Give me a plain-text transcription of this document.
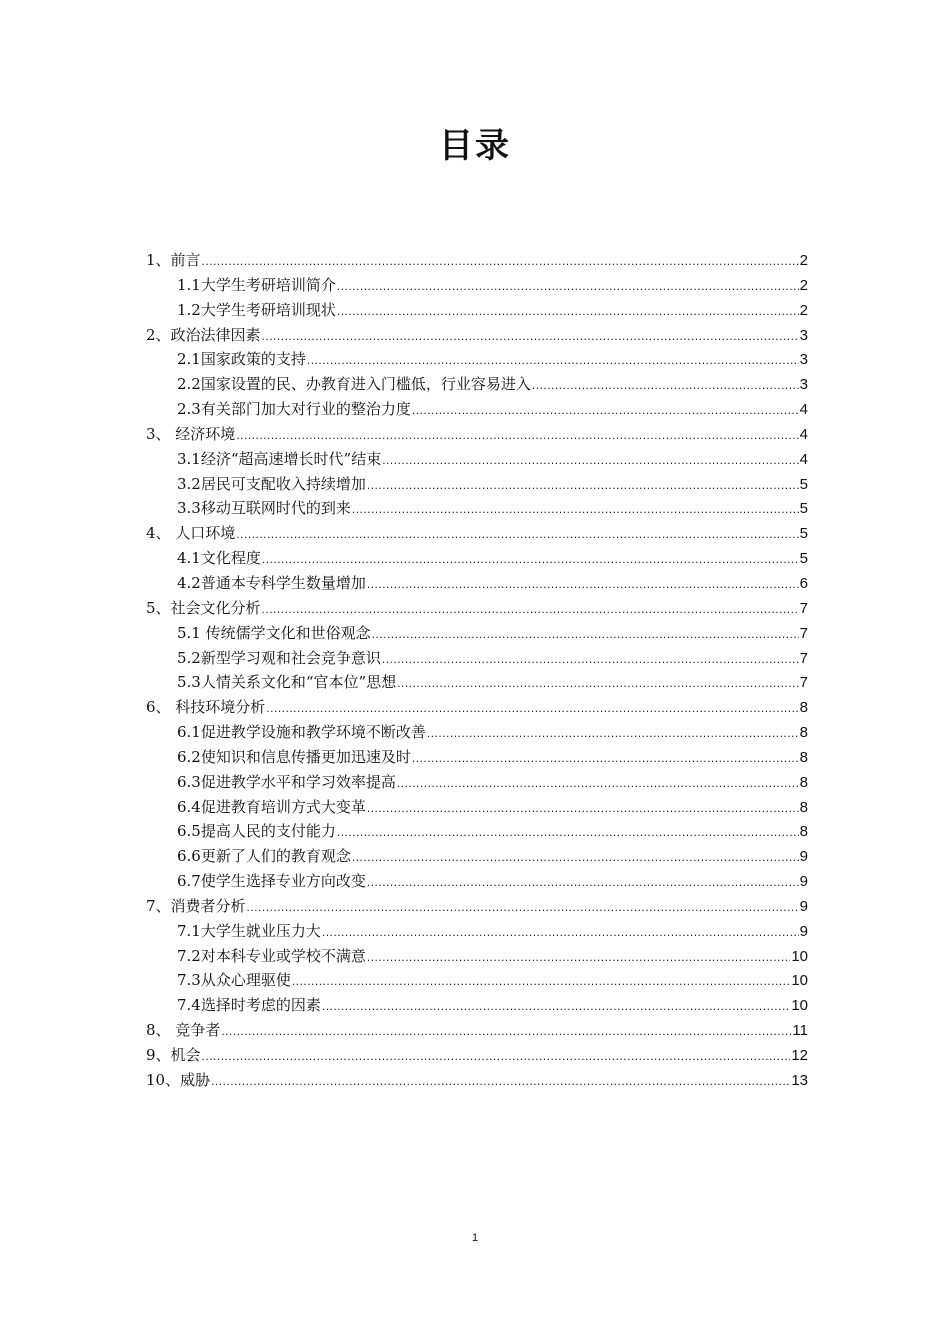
目录
1、前言 .....	2
1.1大学生考研培训简介 .....	2
1.2大学生考研培训现状 .....	2
2、政治法律因素 .....	3
2.1国家政策的支持 .....	3
2.2国家设置的民、办教育进入门槛低，行业容易进入 .....	3
2.3有关部门加大对行业的整治力度 .....	4
3、 经济环境 .....	4
3.1经济“超高速增长时代”结束 .....	4
3.2居民可支配收入持续增加 .....	5
3.3移动互联网时代的到来 .....	5
4、 人口环境 .....	5
4.1文化程度 .....	5
4.2普通本专科学生数量增加 .....	6
5、社会文化分析 .....	7
5.1 传统儒学文化和世俗观念 .....	7
5.2新型学习观和社会竞争意识 .....	7
5.3人情关系文化和“官本位”思想 .....	7
6、 科技环境分析 .....	8
6.1促进教学设施和教学环境不断改善 .....	8
6.2使知识和信息传播更加迅速及时 .....	8
6.3促进教学水平和学习效率提高 .....	8
6.4促进教育培训方式大变革 .....	8
6.5提高人民的支付能力 .....	8
6.6更新了人们的教育观念 .....	9
6.7使学生选择专业方向改变 .....	9
7、消费者分析 .....	9
7.1大学生就业压力大 .....	9
7.2对本科专业或学校不满意 .....	10
7.3从众心理驱使 .....	10
7.4选择时考虑的因素 .....	10
8、 竞争者 .....	11
9、机会 .....	12
10、威胁 .....	13
1
